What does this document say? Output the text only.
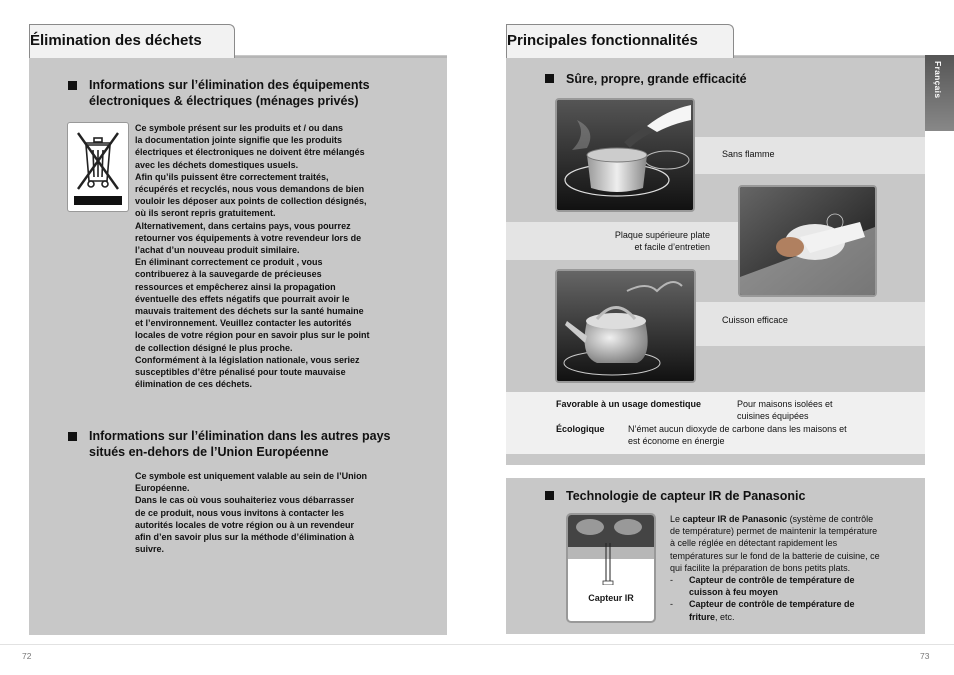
Élimination des déchets
Informations sur l’élimination des équipements
électroniques & électriques (ménages privés)
Ce symbole présent sur les produits et / ou dans
la documentation jointe signifie que les produits
électriques et électroniques ne doivent être mélangés
avec les déchets domestiques usuels.
Afin qu’ils puissent être correctement traités,
récupérés et recyclés, nous vous demandons de bien
vouloir les déposer aux points de collection désignés,
où ils seront repris gratuitement.
Alternativement, dans certains pays, vous pourrez
retourner vos équipements à votre revendeur lors de
l’achat d’un nouveau produit similaire.
En éliminant correctement ce produit , vous
contribuerez à la sauvegarde de précieuses
ressources et empêcherez ainsi la propagation
éventuelle des effets négatifs que pourrait avoir le
mauvais traitement des déchets sur la santé humaine
et l’environnement. Veuillez contacter les autorités
locales de votre région pour en savoir plus sur le point
de collection désigné le plus proche.
Conformément à la législation nationale, vous seriez
susceptibles d’être pénalisé pour toute mauvaise
élimination de ces déchets.
Informations sur l’élimination dans les autres pays
situés en-dehors de l’Union Européenne
Ce symbole est uniquement valable au sein de l’Union
Européenne.
Dans le cas où vous souhaiteriez vous débarrasser
de ce produit, nous vous invitons à contacter les
autorités locales de votre région ou à un revendeur
afin d’en savoir plus sur la méthode d’élimination à
suivre.
Principales fonctionnalités
Français
Sûre, propre, grande efficacité
Sans flamme
Plaque supérieure plate
et facile d’entretien
Cuisson efficace
Favorable à un usage domestique	Pour maisons isolées et
cuisines équipées
Écologique	N’émet aucun dioxyde de carbone dans les maisons et
est économe en énergie
Technologie de capteur IR de Panasonic
Capteur IR
Le capteur IR de Panasonic (système de contrôle
de température) permet de maintenir la température
à celle réglée en détectant rapidement les
températures sur le fond de la batterie de cuisine, ce
qui facilite la préparation de bons petits plats.
-	Capteur de contrôle de température de
cuisson à feu moyen
-	Capteur de contrôle de température de
friture, etc.
72	73
